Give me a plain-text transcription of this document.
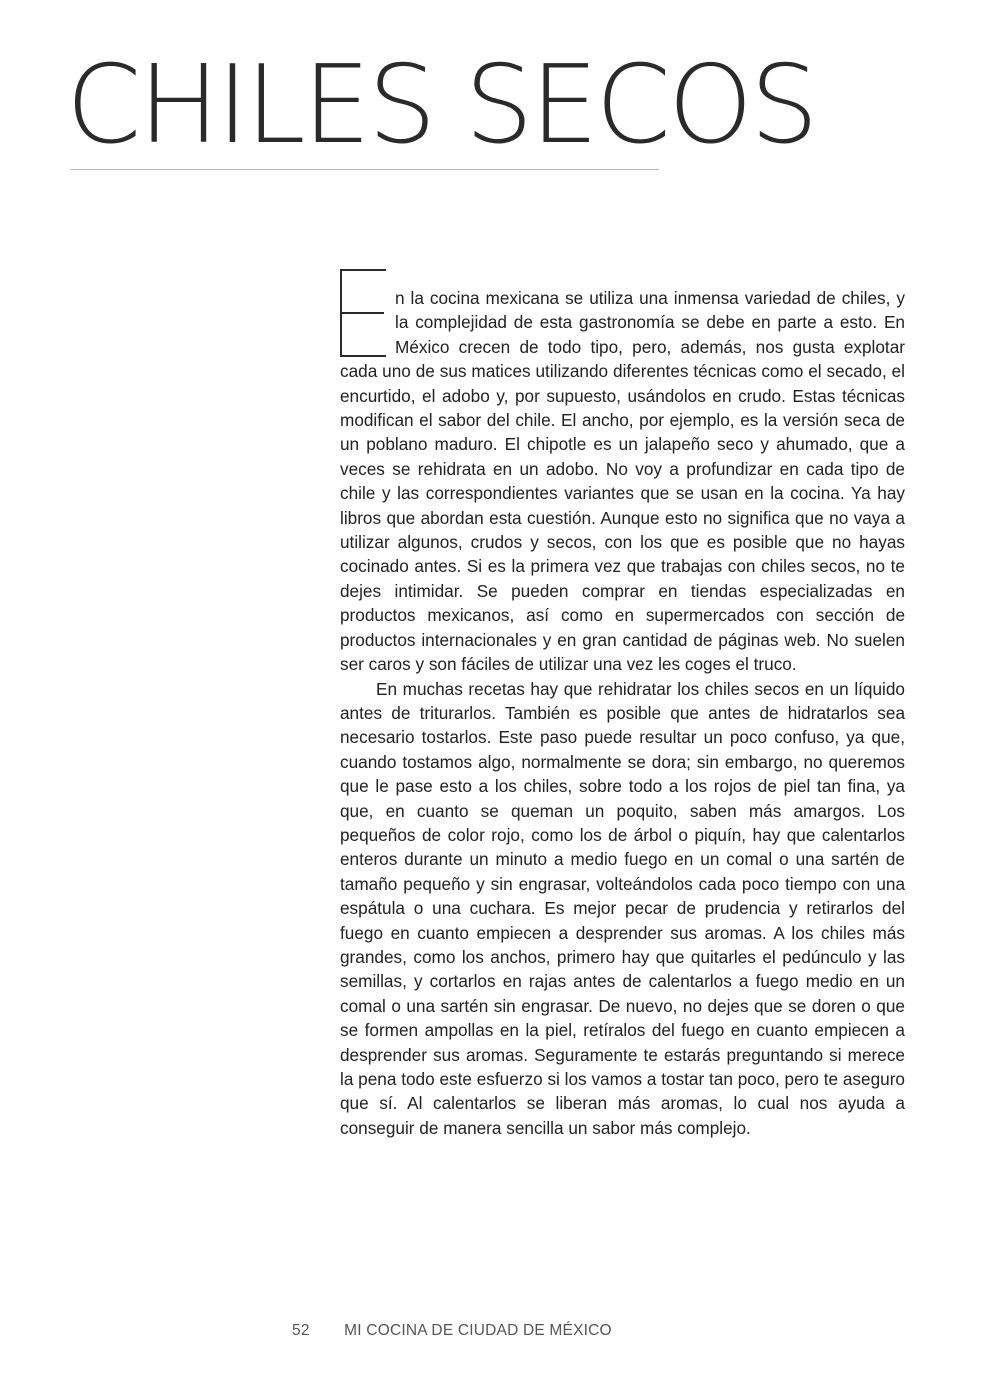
CHILES SECOS

n la cocina mexicana se utiliza una inmensa variedad de chiles, y la complejidad de esta gastronomía se debe en parte a esto. En México crecen de todo tipo, pero, además, nos gusta explotar cada uno de sus matices utilizando diferentes técnicas como el secado, el encurtido, el adobo y, por supuesto, usándolos en crudo. Estas técnicas modifican el sabor del chile. El ancho, por ejemplo, es la versión seca de un poblano maduro. El chipotle es un jalapeño seco y ahumado, que a veces se rehidrata en un adobo. No voy a profundizar en cada tipo de chile y las correspondientes variantes que se usan en la cocina. Ya hay libros que abordan esta cuestión. Aunque esto no significa que no vaya a utilizar algunos, crudos y secos, con los que es posible que no hayas cocinado antes. Si es la primera vez que trabajas con chiles secos, no te dejes intimidar. Se pueden comprar en tiendas especializadas en productos mexicanos, así como en supermercados con sección de productos internacionales y en gran cantidad de páginas web. No suelen ser caros y son fáciles de utilizar una vez les coges el truco.

En muchas recetas hay que rehidratar los chiles secos en un líquido antes de triturarlos. También es posible que antes de hidratarlos sea necesario tostarlos. Este paso puede resultar un poco confuso, ya que, cuando tostamos algo, normalmente se dora; sin embargo, no queremos que le pase esto a los chiles, sobre todo a los rojos de piel tan fina, ya que, en cuanto se queman un poquito, saben más amargos. Los pequeños de color rojo, como los de árbol o piquín, hay que calentarlos enteros durante un minuto a medio fuego en un comal o una sartén de tamaño pequeño y sin engrasar, volteándolos cada poco tiempo con una espátula o una cuchara. Es mejor pecar de prudencia y retirarlos del fuego en cuanto empiecen a desprender sus aromas. A los chiles más grandes, como los anchos, primero hay que quitarles el pedúnculo y las semillas, y cortarlos en rajas antes de calentarlos a fuego medio en un comal o una sartén sin engrasar. De nuevo, no dejes que se doren o que se formen ampollas en la piel, retíralos del fuego en cuanto empiecen a desprender sus aromas. Seguramente te estarás preguntando si merece la pena todo este esfuerzo si los vamos a tostar tan poco, pero te aseguro que sí. Al calentarlos se liberan más aromas, lo cual nos ayuda a conseguir de manera sencilla un sabor más complejo.

52 MI COCINA DE CIUDAD DE MÉXICO
